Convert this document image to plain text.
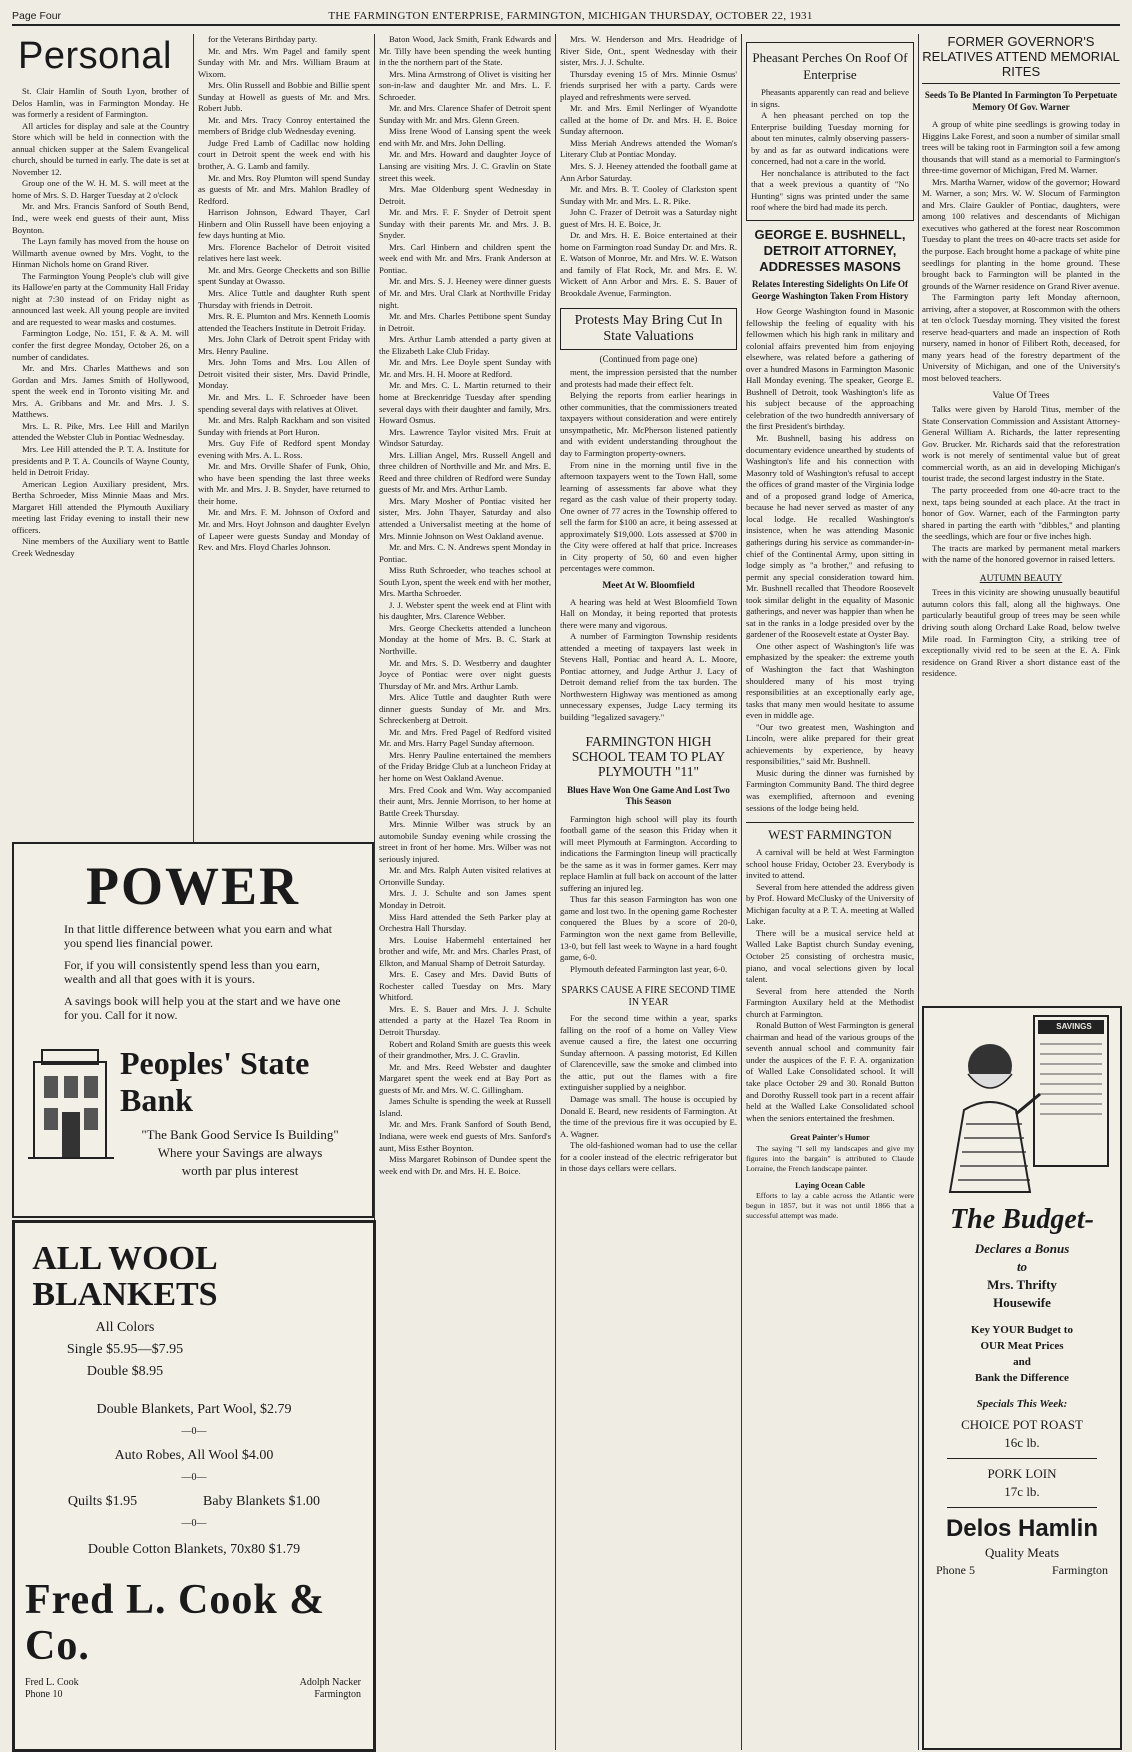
Page Four	THE FARMINGTON ENTERPRISE, FARMINGTON, MICHIGAN THURSDAY, OCTOBER 22, 1931
Personal

St. Clair Hamlin of South Lyon, brother of Delos Hamlin, was in Farmington Monday. He was formerly a resident of Farmington.

All articles for display and sale at the Country Store which will be held in connection with the annual chicken supper at the Salem Evangelical church, should be turned in early. The date is set at November 12.

Group one of the W. H. M. S. will meet at the home of Mrs. S. D. Harger Tuesday at 2 o'clock

Mr. and Mrs. Francis Sanford of South Bend, Ind., were week end guests of their aunt, Miss Boynton.

The Layn family has moved from the house on Willmarth avenue owned by Mrs. Voght, to the Hinman Nichols home on Grand River.

The Farmington Young People's club will give its Hallowe'en party at the Community Hall Friday night at 7:30 instead of on Friday night as announced last week. All young people are invited and are requested to wear masks and costumes.

Farmington Lodge, No. 151, F. & A. M. will confer the first degree Monday, October 26, on a number of candidates.

Mr. and Mrs. Charles Matthews and son Gordan and Mrs. James Smith of Hollywood, spent the week end in Toronto visiting Mr. and Mrs. A. Gribbans and Mr. and Mrs. J. S. Matthews.

Mrs. L. R. Pike, Mrs. Lee Hill and Marilyn attended the Webster Club in Pontiac Wednesday.

Mrs. Lee Hill attended the P. T. A. Institute for presidents and P. T. A. Councils of Wayne County, held in Detroit Friday.

American Legion Auxiliary president, Mrs. Bertha Schroeder, Miss Minnie Maas and Mrs. Margaret Hill attended the Plymouth Auxiliary meeting last Friday evening to install their new officers.

Nine members of the Auxiliary went to Battle Creek Wednesday

for the Veterans Birthday party.

Mr. and Mrs. Wm Pagel and family spent Sunday with Mr. and Mrs. William Braum at Wixom.

Mrs. Olin Russell and Bobbie and Billie spent Sunday at Howell as guests of Mr. and Mrs. Robert Jubb.

Mr. and Mrs. Tracy Conroy entertained the members of Bridge club Wednesday evening.

Judge Fred Lamb of Cadillac now holding court in Detroit spent the week end with his brother, A. G. Lamb and family.

Mr. and Mrs. Roy Plumton will spend Sunday as guests of Mr. and Mrs. Mahlon Bradley of Redford.

Harrison Johnson, Edward Thayer, Carl Hinbern and Olin Russell have been enjoying a few days hunting at Mio.

Mrs. Florence Bachelor of Detroit visited relatives here last week.

Mr. and Mrs. George Checketts and son Billie spent Sunday at Owasso.

Mrs. Alice Tuttle and daughter Ruth spent Thursday with friends in Detroit.

Mrs. R. E. Plumton and Mrs. Kenneth Loomis attended the Teachers Institute in Detroit Friday.

Mrs. John Clark of Detroit spent Friday with Mrs. Henry Pauline.

Mrs. John Toms and Mrs. Lou Allen of Detroit visited their sister, Mrs. David Prindle, Monday.

Mr. and Mrs. L. F. Schroeder have been spending several days with relatives at Olivet.

Mr. and Mrs. Ralph Rackham and son visited Sunday with friends at Port Huron.

Mrs. Guy Fife of Redford spent Monday evening with Mrs. A. L. Ross.

Mr. and Mrs. Orville Shafer of Funk, Ohio, who have been spending the last three weeks with Mr. and Mrs. J. B. Snyder, have returned to their home.

Mr. and Mrs. F. M. Johnson of Oxford and Mr. and Mrs. Hoyt Johnson and daughter Evelyn of Lapeer were guests Sunday and Monday of Rev. and Mrs. Floyd Charles Johnson.

POWER

In that little difference between what you earn and what you spend lies financial power.

For, if you will consistently spend less than you earn, wealth and all that goes with it is yours.

A savings book will help you at the start and we have one for you. Call for it now.

Peoples' State Bank
"The Bank Good Service Is Building"
Where your Savings are always
worth par plus interest
ALL WOOL BLANKETS
All Colors
Single $5.95—$7.95
Double $8.95
Double Blankets, Part Wool, $2.79
—0—
Auto Robes, All Wool $4.00
—0—
Quilts $1.95	Baby Blankets $1.00
—0—
Double Cotton Blankets, 70x80 $1.79
Fred L. Cook & Co.
Fred L. Cook
Phone 10
Adolph Nacker
Farmington

Baton Wood, Jack Smith, Frank Edwards and Mr. Tilly have been spending the week hunting in the the northern part of the State.

Mrs. Mina Armstrong of Olivet is visiting her son-in-law and daughter Mr. and Mrs. L. F. Schroeder.

Mr. and Mrs. Clarence Shafer of Detroit spent Sunday with Mr. and Mrs. Glenn Green.

Miss Irene Wood of Lansing spent the week end with Mr. and Mrs. John Delling.

Mr. and Mrs. Howard and daughter Joyce of Lansing are visiting Mrs. J. C. Gravlin on State street this week.

Mrs. Mae Oldenburg spent Wednesday in Detroit.

Mr. and Mrs. F. F. Snyder of Detroit spent Sunday with their parents Mr. and Mrs. J. B. Snyder.

Mrs. Carl Hinbern and children spent the week end with Mr. and Mrs. Frank Anderson at Pontiac.

Mr. and Mrs. S. J. Heeney were dinner guests of Mr. and Mrs. Ural Clark at Northville Friday night.

Mr. and Mrs. Charles Pettibone spent Sunday in Detroit.

Mrs. Arthur Lamb attended a party given at the Elizabeth Lake Club Friday.

Mr. and Mrs. Lee Doyle spent Sunday with Mr. and Mrs. H. H. Moore at Redford.

Mr. and Mrs. C. L. Martin returned to their home at Breckenridge Tuesday after spending several days with their daughter and family, Mrs. Howard Osmus.

Mrs. Lawrence Taylor visited Mrs. Fruit at Windsor Saturday.

Mrs. Lillian Angel, Mrs. Russell Angell and three children of Northville and Mr. and Mrs. E. Reed and three children of Redford were Sunday guests of Mr. and Mrs. Arthur Lamb.

Mrs. Mary Mosher of Pontiac visited her sister, Mrs. John Thayer, Saturday and also attended a Universalist meeting at the home of Mrs. Minnie Johnson on West Oakland avenue.

Mr. and Mrs. C. N. Andrews spent Monday in Pontiac.

Miss Ruth Schroeder, who teaches school at South Lyon, spent the week end with her mother, Mrs. Martha Schroeder.

J. J. Webster spent the week end at Flint with his daughter, Mrs. Clarence Webber.

Mrs. George Checketts attended a luncheon Monday at the home of Mrs. B. C. Stark at Northville.

Mr. and Mrs. S. D. Westberry and daughter Joyce of Pontiac were over night guests Thursday of Mr. and Mrs. Arthur Lamb.

Mrs. Alice Tuttle and daughter Ruth were dinner guests Sunday of Mr. and Mrs. Schreckenberg at Detroit.

Mr. and Mrs. Fred Pagel of Redford visited Mr. and Mrs. Harry Pagel Sunday afternoon.

Mrs. Henry Pauline entertained the members of the Friday Bridge Club at a luncheon Friday at her home on West Oakland Avenue.

Mrs. Fred Cook and Wm. Way accompanied their aunt, Mrs. Jennie Morrison, to her home at Battle Creek Thursday.

Mrs. Minnie Wilber was struck by an automobile Sunday evening while crossing the street in front of her home. Mrs. Wilber was not seriously injured.

Mr. and Mrs. Ralph Auten visited relatives at Ortonville Sunday.

Mrs. J. J. Schulte and son James spent Monday in Detroit.

Miss Hard attended the Seth Parker play at Orchestra Hall Thursday.

Mrs. Louise Habermehl entertained her brother and wife, Mr. and Mrs. Charles Prast, of Elkton, and Manual Shamp of Detroit Saturday.

Mrs. E. Casey and Mrs. David Butts of Rochester called Tuesday on Mrs. Mary Whitford.

Mrs. E. S. Bauer and Mrs. J. J. Schulte attended a party at the Hazel Tea Room in Detroit Thursday.

Robert and Roland Smith are guests this week of their grandmother, Mrs. J. C. Gravlin.

Mr. and Mrs. Reed Webster and daughter Margaret spent the week end at Bay Port as guests of Mr. and Mrs. W. C. Gillingham.

James Schulte is spending the week at Russell Island.

Mr. and Mrs. Frank Sanford of South Bend, Indiana, were week end guests of Mrs. Sanford's aunt, Miss Esther Boynton.

Miss Margaret Robinson of Dundee spent the week end with Dr. and Mrs. H. E. Boice.

Mrs. W. Henderson and Mrs. Headridge of River Side, Ont., spent Wednesday with their sister, Mrs. J. J. Schulte.

Thursday evening 15 of Mrs. Minnie Osmus' friends surprised her with a party. Cards were played and refreshments were served.

Mr. and Mrs. Emil Nerlinger of Wyandotte called at the home of Dr. and Mrs. H. E. Boice Sunday afternoon.

Miss Meriah Andrews attended the Woman's Literary Club at Pontiac Monday.

Mrs. S. J. Heeney attended the football game at Ann Arbor Saturday.

Mr. and Mrs. B. T. Cooley of Clarkston spent Sunday with Mr. and Mrs. L. R. Pike.

John C. Frazer of Detroit was a Saturday night guest of Mrs. H. E. Boice, Jr.

Dr. and Mrs. H. E. Boice entertained at their home on Farmington road Sunday Dr. and Mrs. R. E. Watson of Monroe, Mr. and Mrs. W. E. Watson and family of Flat Rock, Mr. and Mrs. E. W. Wickett of Ann Arbor and Mrs. E. S. Bauer of Brookdale Avenue, Farmington.

Protests May Bring Cut In State Valuations
(Continued from page one)

ment, the impression persisted that the number and protests had made their effect felt.

Belying the reports from earlier hearings in other communities, that the commissioners treated taxpayers without consideration and were entirely unsympathetic, Mr. McPherson listened patiently and with evident understanding throughout the day to Farmington property-owners.

From nine in the morning until five in the afternoon taxpayers went to the Town Hall, some learning of assessments far above what they regard as the cash value of their property today. One owner of 77 acres in the Township offered to sell the farm for $100 an acre, it being assessed at approximately $19,000. Lots assessed at $700 in the City were offered at half that price. Increases in City property of 50, 60 and even higher percentages were common.

Meet At W. Bloomfield

A hearing was held at West Bloomfield Town Hall on Monday, it being reported that protests there were many and vigorous.

A number of Farmington Township residents attended a meeting of taxpayers last week in Stevens Hall, Pontiac and heard A. L. Moore, Pontiac attorney, and Judge Arthur J. Lacy of Detroit demand relief from the tax burden. The Northwestern Highway was mentioned as among unnecessary expenses, Judge Lacy terming its building "legalized savagery."

FARMINGTON HIGH SCHOOL TEAM TO PLAY PLYMOUTH "11"
Blues Have Won One Game And Lost Two This Season

Farmington high school will play its fourth football game of the season this Friday when it will meet Plymouth at Farmington. According to indications the Farmington lineup will practically be the same as it was in former games. Kerr may replace Hamlin at full back on account of the latter suffering an injured leg.

Thus far this season Farmington has won one game and lost two. In the opening game Rochester conquered the Blues by a score of 20-0, Farmington won the next game from Belleville, 13-0, but fell last week to Wayne in a hard fought game, 6-0.

Plymouth defeated Farmington last year, 6-0.

SPARKS CAUSE A FIRE SECOND TIME IN YEAR

For the second time within a year, sparks falling on the roof of a home on Valley View avenue caused a fire, the latest one occurring Sunday afternoon. A passing motorist, Ed Killen of Clarenceville, saw the smoke and climbed into the attic, put out the flames with a fire extinguisher supplied by a neighbor.

Damage was small. The house is occupied by Donald E. Beard, new residents of Farmington. At the time of the previous fire it was occupied by E. A. Wagner.

The old-fashioned woman had to use the cellar for a cooler instead of the electric refrigerator but in those days cellars were cellars.

Pheasant Perches On Roof Of Enterprise

Pheasants apparently can read and believe in signs.

A hen pheasant perched on top the Enterprise building Tuesday morning for about ten minutes, calmly observing passers-by and as far as outward indications were concerned, had not a care in the world.

Her nonchalance is attributed to the fact that a week previous a quantity of "No Hunting" signs was printed under the same roof where the bird had made its perch.

GEORGE E. BUSHNELL, DETROIT ATTORNEY, ADDRESSES MASONS
Relates Interesting Sidelights On Life Of George Washington Taken From History

How George Washington found in Masonic fellowship the feeling of equality with his fellowmen which his high rank in military and colonial affairs prevented him from enjoying elsewhere, was related before a gathering of over a hundred Masons in Farmington Masonic Hall Monday evening. The speaker, George E. Bushnell of Detroit, took Washington's life as his subject because of the approaching celebration of the two hundredth anniversary of the first President's birthday.

Mr. Bushnell, basing his address on documentary evidence unearthed by students of Washington's life and his connection with Masonry told of Washington's refusal to accept the offices of grand master of the Virginia lodge and of a proposed grand lodge of America, because he had never served as master of any local lodge. He recalled Washington's insistence, when he was attending Masonic gatherings during his service as commander-in-chief of the Continental Army, upon sitting in lodge simply as "a brother," and refusing to permit any special consideration toward him. Mr. Bushnell recalled that Theodore Roosevelt took similar delight in the equality of Masonic gatherings, and never was happier than when he sat in the ranks in a lodge presided over by the gardener of the Roosevelt estate at Oyster Bay.

One other aspect of Washington's life was emphasized by the speaker: the extreme youth of Washington the fact that Washington shouldered many of his most trying responsibilities at an exceptionally early age, tasks that many men would hesitate to assume even in middle age.

"Our two greatest men, Washington and Lincoln, were alike prepared for their great achievements by experience, by heavy responsibilities," said Mr. Bushnell.

Music during the dinner was furnished by Farmington Community Band. The third degree was exemplified, afternoon and evening sessions of the lodge being held.

WEST FARMINGTON

A carnival will be held at West Farmington school house Friday, October 23. Everybody is invited to attend.

Several from here attended the address given by Prof. Howard McClusky of the University of Michigan faculty at a P. T. A. meeting at Walled Lake.

There will be a musical service held at Walled Lake Baptist church Sunday evening, October 25 consisting of orchestra music, piano, and vocal selections given by local talent.

Several from here attended the North Farmington Auxilary held at the Methodist church at Farmington.

Ronald Button of West Farmington is general chairman and head of the various groups of the seventh annual school and community fair under the auspices of the F. F. A. organization of Walled Lake Consolidated school. It will take place October 29 and 30. Ronald Button and Dorothy Russell took part in a recent affair held at the Walled Lake Consolidated school when the seniors entertained the freshmen.

Great Painter's Humor

The saying "I sell my landscapes and give my figures into the bargain" is attributed to Claude Lorraine, the French landscape painter.

Laying Ocean Cable

Efforts to lay a cable across the Atlantic were begun in 1857, but it was not until 1866 that a successful attempt was made.

FORMER GOVERNOR'S RELATIVES ATTEND MEMORIAL RITES
Seeds To Be Planted In Farmington To Perpetuate Memory Of Gov. Warner

A group of white pine seedlings is growing today in Higgins Lake Forest, and soon a number of similar small trees will be taking root in Farmington soil a few among thousands that will stand as a memorial to Farmington's three-time governor of Michigan, Fred M. Warner.

Mrs. Martha Warner, widow of the governor; Howard M. Warner, a son; Mrs. W. W. Slocum of Farmington and Mrs. Claire Gaukler of Pontiac, daughters, were among 100 relatives and descendants of Michigan executives who gathered at the forest near Roscommon Tuesday to plant the trees on 40-acre tracts set aside for the purpose. Each brought home a package of white pine seedlings for planting in the home ground. These brought back to Farmington will be planted in the grounds of the Warner residence on Grand River avenue.

The Farmington party left Monday afternoon, arriving, after a stopover, at Roscommon with the others at ten o'clock Tuesday morning. They visited the forest reserve head-quarters and made an inspection of Roth nursery, named in honor of Filibert Roth, deceased, for many years head of the forestry department of the University of Michigan, and one of the University's most beloved teachers.

Value Of Trees

Talks were given by Harold Titus, member of the State Conservation Commission and Assistant Attorney-General William A. Richards, the latter representing Gov. Brucker. Mr. Richards said that the reforestration work is not merely of sentimental value but of great commercial worth, as an aid in developing Michigan's tourist trade, the second largest industry in the State.

The party proceeded from one 40-acre tract to the next, taps being sounded at each place. At the tract in honor of Gov. Warner, each of the Farmington party shared in parting the earth with "dibbles," and planting the seedlings, which are four or five inches high.

The tracts are marked by permanent metal markers with the name of the honored governor in raised letters.

AUTUMN BEAUTY

Trees in this vicinity are showing unusually beautiful autumn colors this fall, along all the highways. One particularly beautiful group of trees may be seen while driving south along Orchard Lake Road, below twelve Mile road. In Farmington City, a striking tree of exceptionally vivid red to be seen at the E. A. Fink residence on Grand River a short distance east of the residence.

SAVINGS
The Budget-
Declares a Bonus
to
Mrs. Thrifty
Housewife
Key YOUR Budget to
OUR Meat Prices
and
Bank the Difference
Specials This Week:
CHOICE POT ROAST
16c lb.
PORK LOIN
17c lb.
Delos Hamlin
Quality Meats
Phone 5	Farmington
